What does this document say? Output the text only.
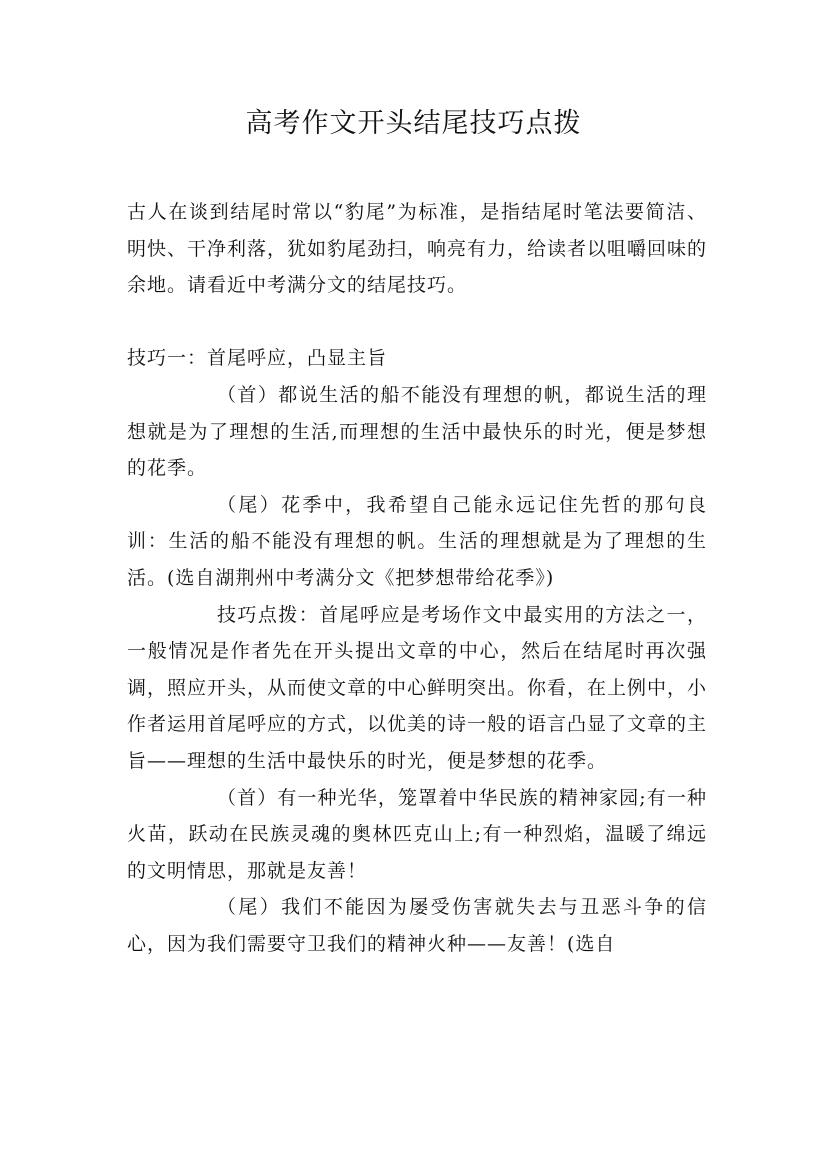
高考作文开头结尾技巧点拨

古人在谈到结尾时常以“豹尾”为标准，是指结尾时笔法要简洁、明快、干净利落，犹如豹尾劲扫，响亮有力，给读者以咀嚼回味的余地。请看近中考满分文的结尾技巧。

技巧一：首尾呼应，凸显主旨

（首）都说生活的船不能没有理想的帆，都说生活的理想就是为了理想的生活,而理想的生活中最快乐的时光，便是梦想的花季。

（尾）花季中，我希望自己能永远记住先哲的那句良训：生活的船不能没有理想的帆。生活的理想就是为了理想的生活。(选自湖荆州中考满分文《把梦想带给花季》)

技巧点拨：首尾呼应是考场作文中最实用的方法之一，一般情况是作者先在开头提出文章的中心，然后在结尾时再次强调，照应开头，从而使文章的中心鲜明突出。你看，在上例中，小作者运用首尾呼应的方式，以优美的诗一般的语言凸显了文章的主旨——理想的生活中最快乐的时光，便是梦想的花季。

（首）有一种光华，笼罩着中华民族的精神家园;有一种火苗，跃动在民族灵魂的奥林匹克山上;有一种烈焰，温暖了绵远的文明情思，那就是友善！

（尾）我们不能因为屡受伤害就失去与丑恶斗争的信心，因为我们需要守卫我们的精神火种——友善！(选自
